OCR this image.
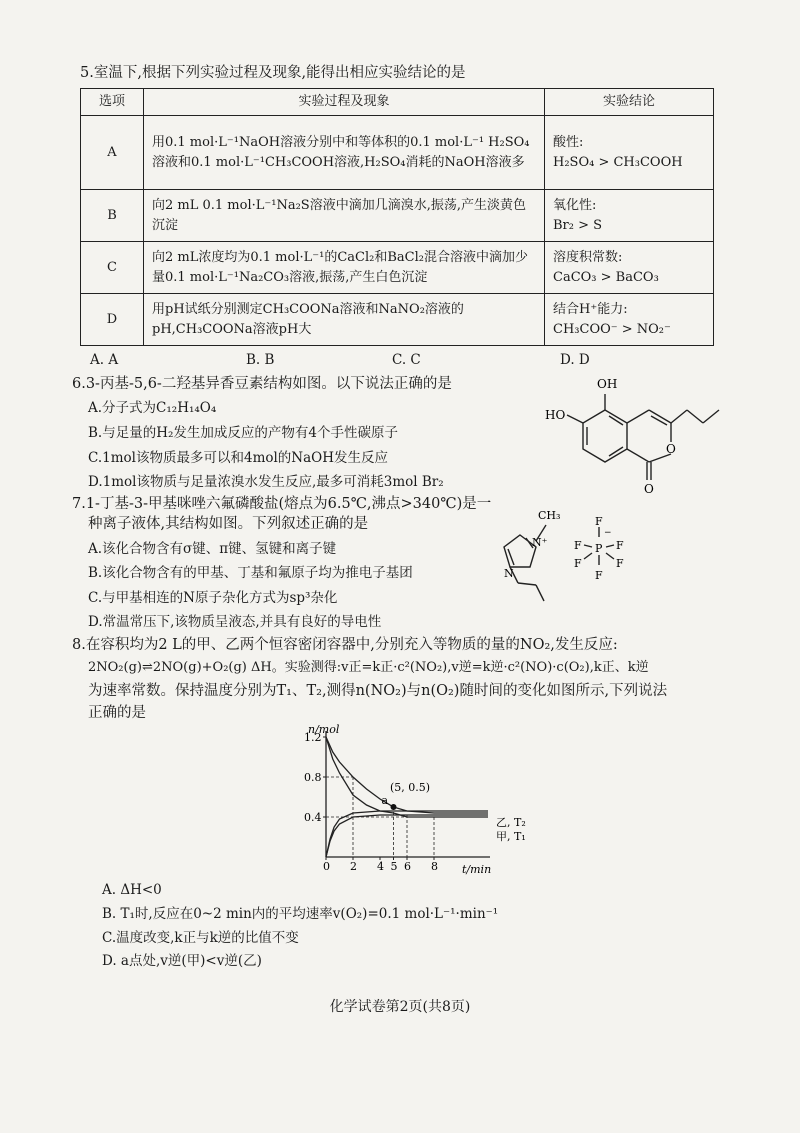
5.室温下,根据下列实验过程及现象,能得出相应实验结论的是
选项	实验过程及现象	实验结论
A	用0.1 mol·L⁻¹NaOH溶液分别中和等体积的0.1 mol·L⁻¹ H₂SO₄溶液和0.1 mol·L⁻¹CH₃COOH溶液,H₂SO₄消耗的NaOH溶液多	酸性:
H₂SO₄ > CH₃COOH

B	向2 mL 0.1 mol·L⁻¹Na₂S溶液中滴加几滴溴水,振荡,产生淡黄色沉淀	氧化性:
Br₂ > S

C	向2 mL浓度均为0.1 mol·L⁻¹的CaCl₂和BaCl₂混合溶液中滴加少量0.1 mol·L⁻¹Na₂CO₃溶液,振荡,产生白色沉淀	溶度积常数:
CaCO₃ > BaCO₃

D	用pH试纸分别测定CH₃COONa溶液和NaNO₂溶液的pH,CH₃COONa溶液pH大	结合H⁺能力:
CH₃COO⁻ > NO₂⁻
A. A	B. B	C. C	D. D
6.3-丙基-5,6-二羟基异香豆素结构如图。以下说法正确的是
A.分子式为C₁₂H₁₄O₄
B.与足量的H₂发生加成反应的产物有4个手性碳原子
C.1mol该物质最多可以和4mol的NaOH发生反应
D.1mol该物质与足量浓溴水发生反应,最多可消耗3mol Br₂
OH
HO
O
O
7.1-丁基-3-甲基咪唑六氟磷酸盐(熔点为6.5℃,沸点>340℃)是一
种离子液体,其结构如图。下列叙述正确的是
A.该化合物含有σ键、π键、氢键和离子键
B.该化合物含有的甲基、丁基和氟原子均为推电子基团
C.与甲基相连的N原子杂化方式为sp³杂化
D.常温常压下,该物质呈液态,并具有良好的导电性
CH₃
N⁺
N
P
−
F
F	F
F	F
F
8.在容积均为2 L的甲、乙两个恒容密闭容器中,分别充入等物质的量的NO₂,发生反应:
2NO₂(g)⇌2NO(g)+O₂(g) ΔH。实验测得:v正=k正·c²(NO₂),v逆=k逆·c²(NO)·c(O₂),k正、k逆
为速率常数。保持温度分别为T₁、T₂,测得n(NO₂)与n(O₂)随时间的变化如图所示,下列说法
正确的是
n/mol
t/min
0 2 4 5 6 8
0.4
0.8
1.2
a
(5, 0.5)
乙, T₂
甲, T₁
A. ΔH<0
B. T₁时,反应在0~2 min内的平均速率v(O₂)=0.1 mol·L⁻¹·min⁻¹
C.温度改变,k正与k逆的比值不变
D. a点处,v逆(甲)<v逆(乙)
化学试卷第2页(共8页)
